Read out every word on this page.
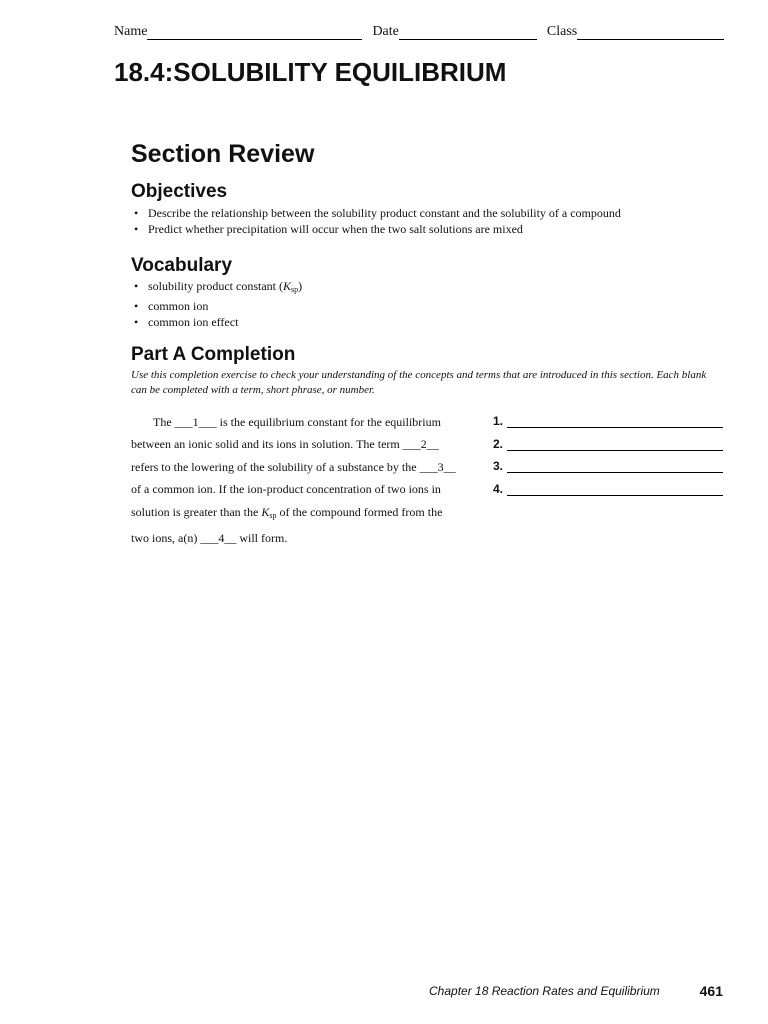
Name	Date	Class
18.4:SOLUBILITY EQUILIBRIUM
Section Review
Objectives
• Describe the relationship between the solubility product constant and the solubility of a compound
• Predict whether precipitation will occur when the two salt solutions are mixed
Vocabulary
• solubility product constant $(K_{sp})$
• common ion
• common ion effect
Part A Completion
Use this completion exercise to check your understanding of the concepts and terms that are introduced in this section. Each blank can be completed with a term, short phrase, or number.
The ___1___ is the equilibrium constant for the equilibrium
between an ionic solid and its ions in solution. The term ___2__
refers to the lowering of the solubility of a substance by the ___3__
of a common ion. If the ion-product concentration of two ions in
solution is greater than the $K_{sp}$ of the compound formed from the
two ions, a(n) ___4__ will form.
1.
2.
3.
4.
Chapter 18 Reaction Rates and Equilibrium	461
